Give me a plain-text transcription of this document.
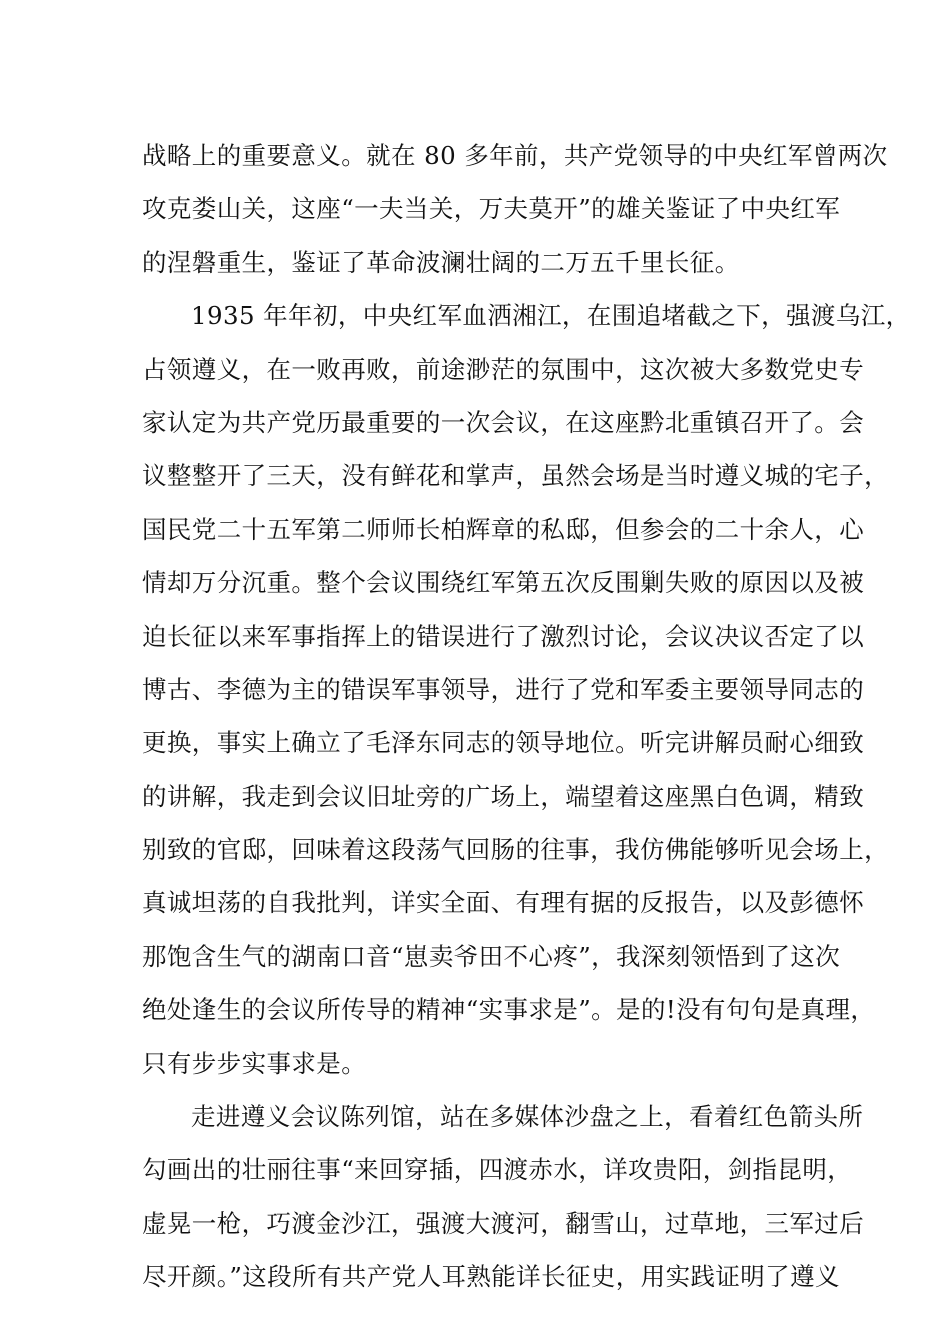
战略上的重要意义。就在 80 多年前，共产党领导的中央红军曾两次
攻克娄山关，这座“一夫当关，万夫莫开”的雄关鉴证了中央红军
的涅磐重生，鉴证了革命波澜壮阔的二万五千里长征。
1935 年年初，中央红军血洒湘江，在围追堵截之下，强渡乌江，
占领遵义，在一败再败，前途渺茫的氛围中，这次被大多数党史专
家认定为共产党历最重要的一次会议，在这座黔北重镇召开了。会
议整整开了三天，没有鲜花和掌声，虽然会场是当时遵义城的宅子，
国民党二十五军第二师师长柏辉章的私邸，但参会的二十余人，心
情却万分沉重。整个会议围绕红军第五次反围剿失败的原因以及被
迫长征以来军事指挥上的错误进行了激烈讨论，会议决议否定了以
博古、李德为主的错误军事领导，进行了党和军委主要领导同志的
更换，事实上确立了毛泽东同志的领导地位。听完讲解员耐心细致
的讲解，我走到会议旧址旁的广场上，端望着这座黑白色调，精致
别致的官邸，回味着这段荡气回肠的往事，我仿佛能够听见会场上，
真诚坦荡的自我批判，详实全面、有理有据的反报告，以及彭德怀
那饱含生气的湖南口音“崽卖爷田不心疼”，我深刻领悟到了这次
绝处逢生的会议所传导的精神“实事求是”。是的!没有句句是真理，
只有步步实事求是。
走进遵义会议陈列馆，站在多媒体沙盘之上，看着红色箭头所
勾画出的壮丽往事“来回穿插，四渡赤水，详攻贵阳，剑指昆明，
虚晃一枪，巧渡金沙江，强渡大渡河，翻雪山，过草地，三军过后
尽开颜。”这段所有共产党人耳熟能详长征史，用实践证明了遵义
